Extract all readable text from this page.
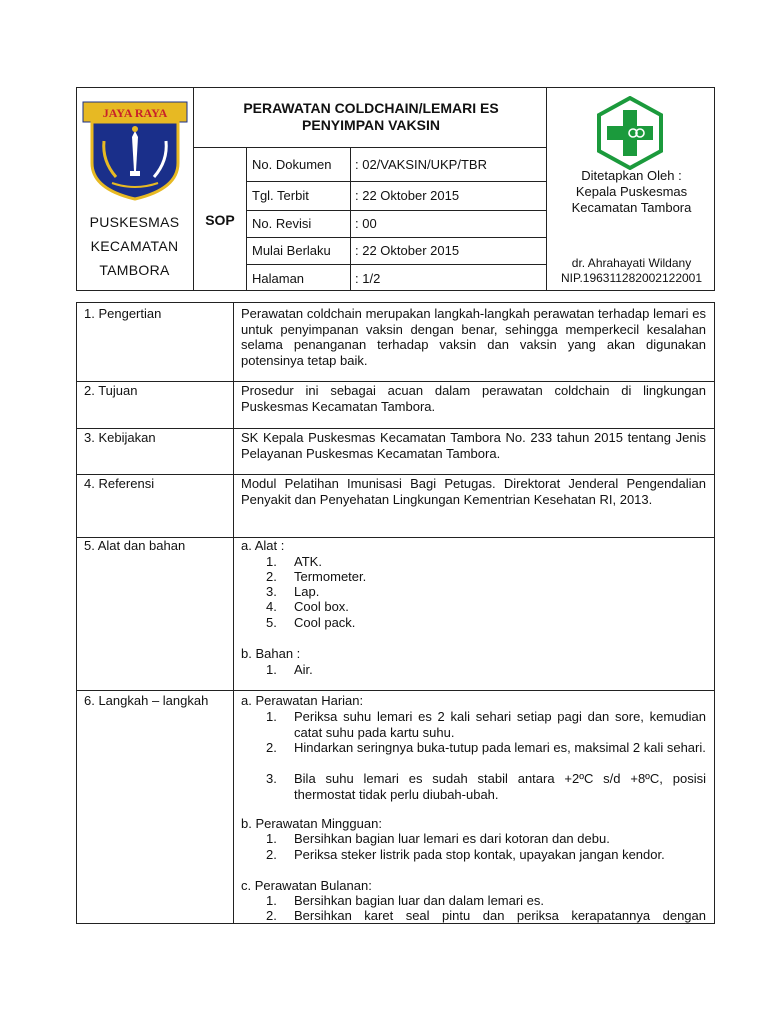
JAYA RAYA
PUSKESMAS
KECAMATAN
TAMBORA
PERAWATAN COLDCHAIN/LEMARI ES
PENYIMPAN VAKSIN
SOP
No. Dokumen : 02/VAKSIN/UKP/TBR
Tgl. Terbit	: 22 Oktober 2015
No. Revisi	: 00
Mulai Berlaku : 22 Oktober 2015
Halaman	: 1/2
Ditetapkan Oleh :
Kepala Puskesmas
Kecamatan Tambora
dr. Ahrahayati Wildany
NIP.196311282002122001
1. Pengertian	Perawatan coldchain merupakan langkah-langkah perawatan terhadap lemari es untuk penyimpanan vaksin dengan benar, sehingga memperkecil kesalahan selama penanganan terhadap vaksin dan vaksin yang akan digunakan potensinya tetap baik.
2. Tujuan	Prosedur ini sebagai acuan dalam perawatan coldchain di lingkungan Puskesmas Kecamatan Tambora.
3. Kebijakan	SK Kepala Puskesmas Kecamatan Tambora No. 233 tahun 2015 tentang Jenis Pelayanan Puskesmas Kecamatan Tambora.
4. Referensi	Modul Pelatihan Imunisasi Bagi Petugas. Direktorat Jenderal Pengendalian Penyakit dan Penyehatan Lingkungan Kementrian Kesehatan RI, 2013.
5. Alat dan bahan	a. Alat :
1. ATK.
2. Termometer.
3. Lap.
4. Cool box.
5. Cool pack.
b. Bahan :
1. Air.
6. Langkah – langkah	a. Perawatan Harian:
1. Periksa suhu lemari es 2 kali sehari setiap pagi dan sore, kemudian catat suhu pada kartu suhu.
2. Hindarkan seringnya buka-tutup pada lemari es, maksimal 2 kali sehari.
3. Bila suhu lemari es sudah stabil antara +2ºC s/d +8ºC, posisi thermostat tidak perlu diubah-ubah.
b. Perawatan Mingguan:
1. Bersihkan bagian luar lemari es dari kotoran dan debu.
2. Periksa steker listrik pada stop kontak, upayakan jangan kendor.
c. Perawatan Bulanan:
1. Bersihkan bagian luar dan dalam lemari es.
2. Bersihkan karet seal pintu dan periksa kerapatannya dengan
